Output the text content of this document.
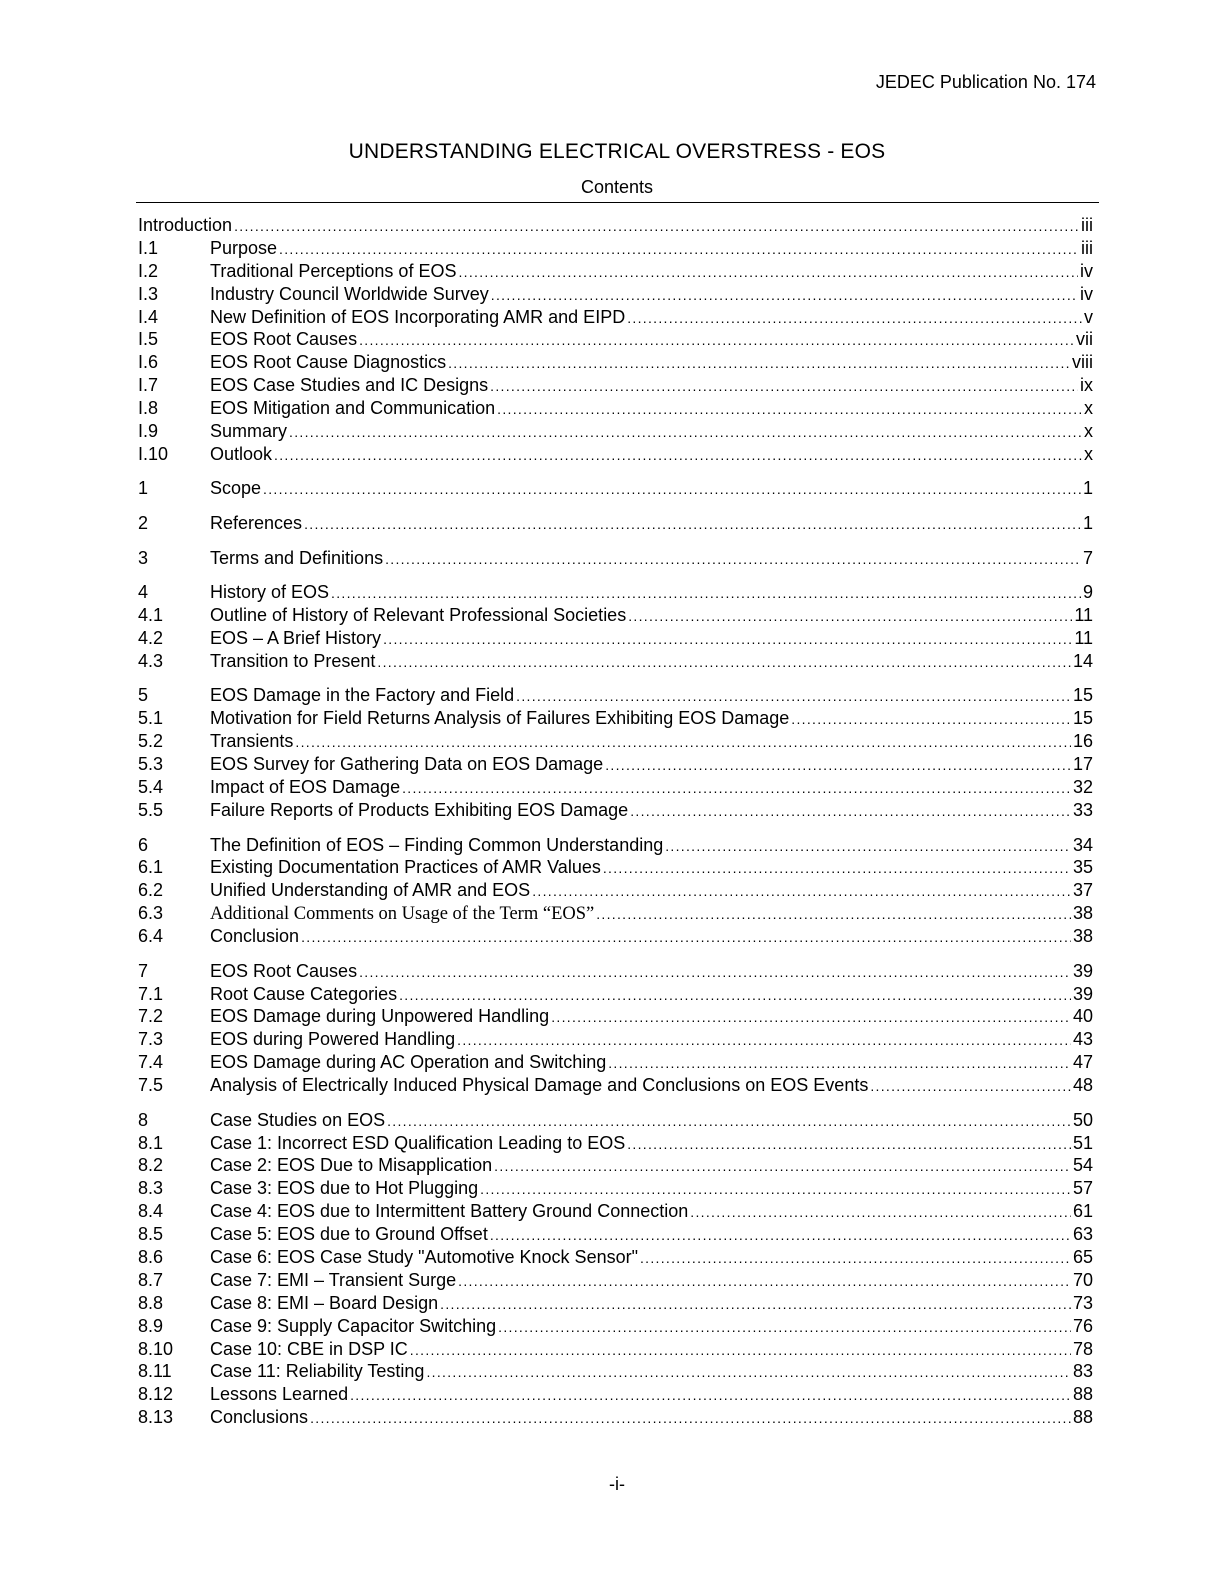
JEDEC Publication No. 174
UNDERSTANDING ELECTRICAL OVERSTRESS - EOS
Contents
Introduction .....	iii
I.1	Purpose .....	iii
I.2	Traditional Perceptions of EOS .....	iv
I.3	Industry Council Worldwide Survey .....	iv
I.4	New Definition of EOS Incorporating AMR and EIPD .....	v
I.5	EOS Root Causes .....	vii
I.6	EOS Root Cause Diagnostics .....	viii
I.7	EOS Case Studies and IC Designs .....	ix
I.8	EOS Mitigation and Communication .....	x
I.9	Summary .....	x
I.10	Outlook .....	x
1	Scope .....	1
2	References .....	1
3	Terms and Definitions .....	7
4	History of EOS .....	9
4.1	Outline of History of Relevant Professional Societies .....	11
4.2	EOS – A Brief History .....	11
4.3	Transition to Present .....	14
5	EOS Damage in the Factory and Field .....	15
5.1	Motivation for Field Returns Analysis of Failures Exhibiting EOS Damage .....	15
5.2	Transients .....	16
5.3	EOS Survey for Gathering Data on EOS Damage .....	17
5.4	Impact of EOS Damage .....	32
5.5	Failure Reports of Products Exhibiting EOS Damage .....	33
6	The Definition of EOS – Finding Common Understanding .....	34
6.1	Existing Documentation Practices of AMR Values .....	35
6.2	Unified Understanding of AMR and EOS .....	37
6.3	Additional Comments on Usage of the Term “EOS” .....	38
6.4	Conclusion .....	38
7	EOS Root Causes .....	39
7.1	Root Cause Categories .....	39
7.2	EOS Damage during Unpowered Handling .....	40
7.3	EOS during Powered Handling .....	43
7.4	EOS Damage during AC Operation and Switching .....	47
7.5	Analysis of Electrically Induced Physical Damage and Conclusions on EOS Events .....	48
8	Case Studies on EOS .....	50
8.1	Case 1: Incorrect ESD Qualification Leading to EOS .....	51
8.2	Case 2: EOS Due to Misapplication .....	54
8.3	Case 3: EOS due to Hot Plugging .....	57
8.4	Case 4: EOS due to Intermittent Battery Ground Connection .....	61
8.5	Case 5: EOS due to Ground Offset .....	63
8.6	Case 6: EOS Case Study "Automotive Knock Sensor" .....	65
8.7	Case 7: EMI – Transient Surge .....	70
8.8	Case 8: EMI – Board Design .....	73
8.9	Case 9: Supply Capacitor Switching .....	76
8.10	Case 10: CBE in DSP IC .....	78
8.11	Case 11: Reliability Testing .....	83
8.12	Lessons Learned .....	88
8.13	Conclusions .....	88
-i-
